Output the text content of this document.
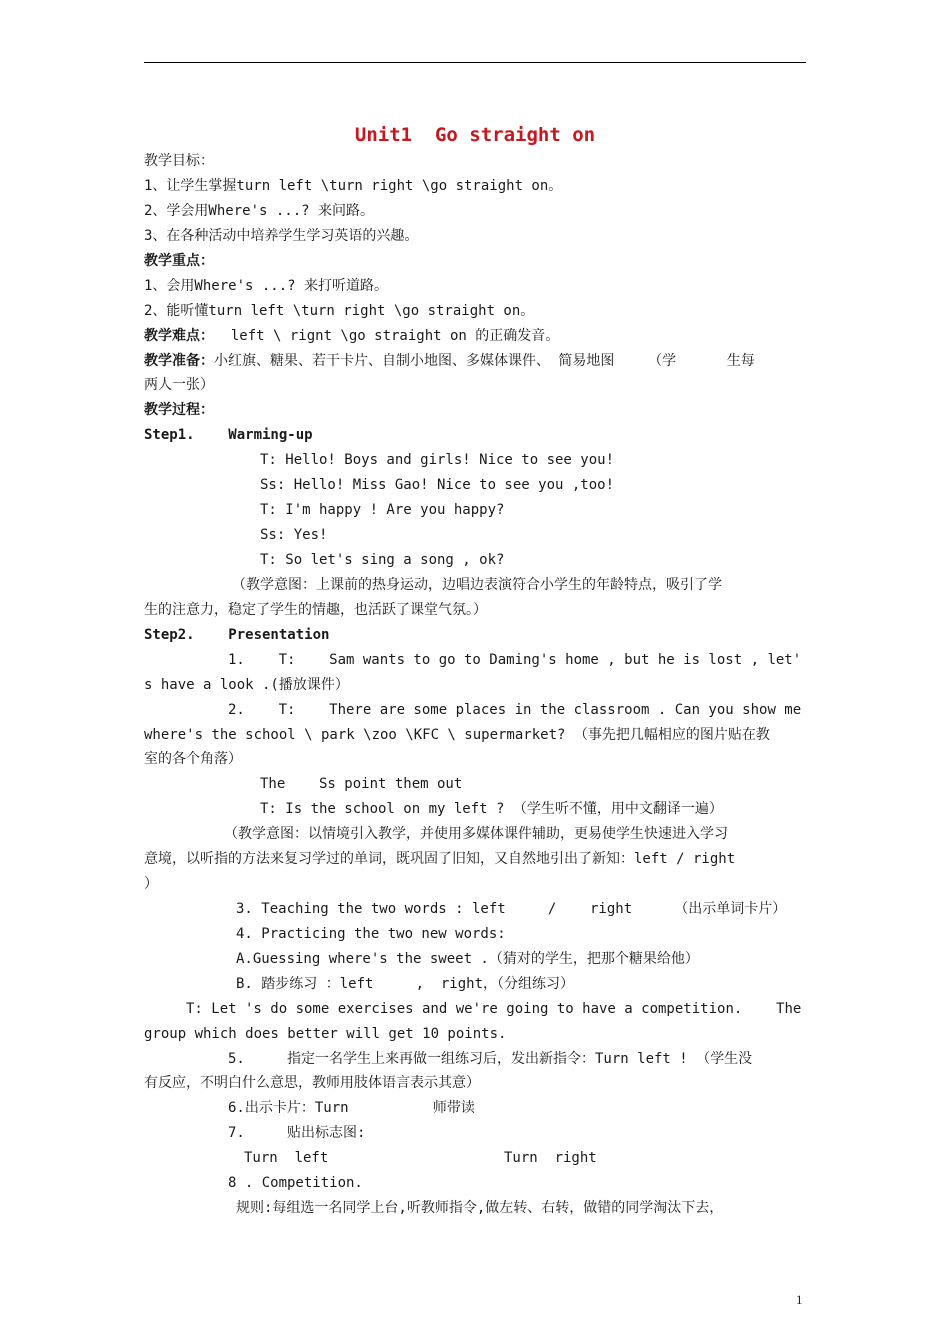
Unit1  Go straight on
教学目标：
1、让学生掌握turn left \turn right \go straight on。
2、学会用Where's ...? 来问路。
3、在各种活动中培养学生学习英语的兴趣。
教学重点：
1、会用Where's ...? 来打听道路。
2、能听懂turn left \turn right \go straight on。
教学难点：  left \ rignt \go straight on 的正确发音。
教学准备：小红旗、糖果、若干卡片、自制小地图、多媒体课件、 简易地图    （学      生每
两人一张）
教学过程：
Step1.    Warming-up
T: Hello! Boys and girls! Nice to see you!
Ss: Hello! Miss Gao! Nice to see you ,too!
T: I'm happy ! Are you happy?
Ss: Yes!
T: So let's sing a song , ok?
（教学意图：上课前的热身运动，边唱边表演符合小学生的年龄特点，吸引了学
生的注意力，稳定了学生的情趣，也活跃了课堂气氛。）
Step2.    Presentation
1.    T:    Sam wants to go to Daming's home , but he is lost , let'
s have a look .(播放课件）
2.    T:    There are some places in the classroom . Can you show me
where's the school \ park \zoo \KFC \ supermarket? （事先把几幅相应的图片贴在教
室的各个角落）
The    Ss point them out
T: Is the school on my left ? （学生听不懂，用中文翻译一遍）
（教学意图：以情境引入教学，并使用多媒体课件辅助，更易使学生快速进入学习
意境，以听指的方法来复习学过的单词，既巩固了旧知，又自然地引出了新知：left / right
）
3. Teaching the two words : left     /    right     （出示单词卡片）
4. Practicing the two new words:
A.Guessing where's the sweet .（猜对的学生，把那个糖果给他）
B. 踏步练习 ：left     ,  right，（分组练习）
T: Let 's do some exercises and we're going to have a competition.    The
group which does better will get 10 points.
5.     指定一名学生上来再做一组练习后，发出新指令：Turn left ! （学生没
有反应，不明白什么意思，教师用肢体语言表示其意）
6.出示卡片：Turn          师带读
7.     贴出标志图:
Turn  left	Turn  right
8 . Competition.
规则:每组选一名同学上台,听教师指令,做左转、右转，做错的同学淘汰下去，
1
